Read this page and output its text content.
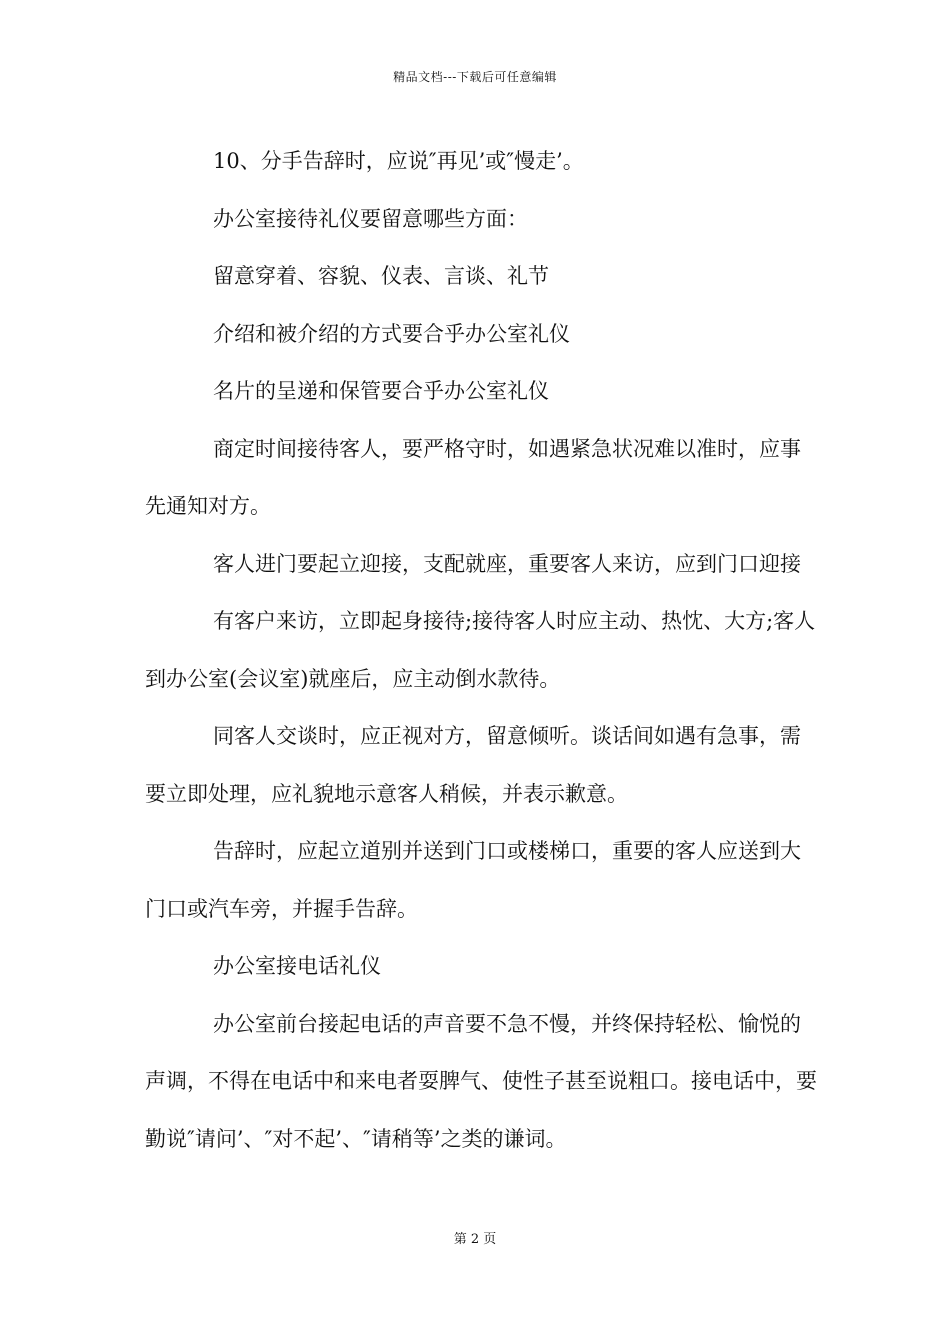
精品文档---下载后可任意编辑

10、分手告辞时，应说″再见’或″慢走’。

办公室接待礼仪要留意哪些方面：

留意穿着、容貌、仪表、言谈、礼节

介绍和被介绍的方式要合乎办公室礼仪

名片的呈递和保管要合乎办公室礼仪

商定时间接待客人，要严格守时，如遇紧急状况难以准时，应事先通知对方。

客人进门要起立迎接，支配就座，重要客人来访，应到门口迎接

有客户来访，立即起身接待;接待客人时应主动、热忱、大方;客人到办公室(会议室)就座后，应主动倒水款待。

同客人交谈时，应正视对方，留意倾听。谈话间如遇有急事，需要立即处理，应礼貌地示意客人稍候，并表示歉意。

告辞时，应起立道别并送到门口或楼梯口，重要的客人应送到大门口或汽车旁，并握手告辞。

办公室接电话礼仪

办公室前台接起电话的声音要不急不慢，并终保持轻松、愉悦的声调，不得在电话中和来电者耍脾气、使性子甚至说粗口。接电话中，要勤说″请问’、″对不起’、″请稍等’之类的谦词。

第 2 页
